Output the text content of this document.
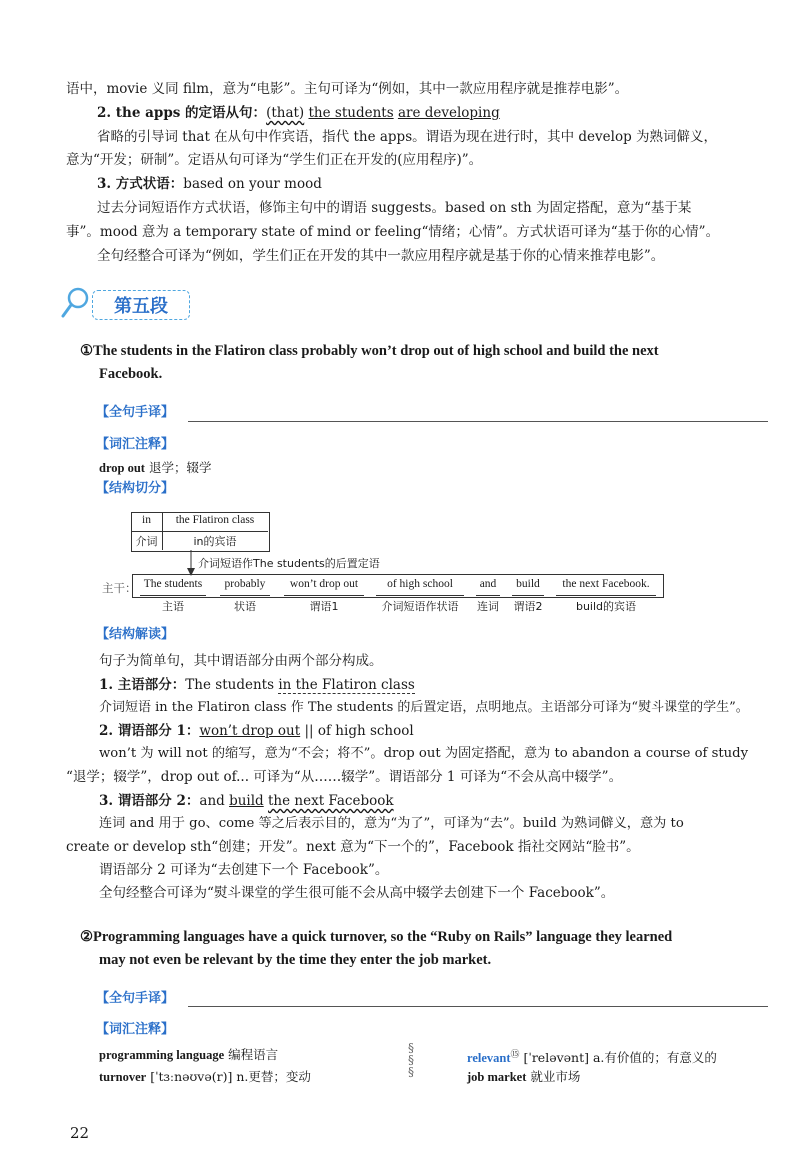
语中，movie 义同 film，意为“电影”。主句可译为“例如，其中一款应用程序就是推荐电影”。
2. the apps 的定语从句：(that) the students are developing
省略的引导词 that 在从句中作宾语，指代 the apps。谓语为现在进行时，其中 develop 为熟词僻义，
意为“开发；研制”。定语从句可译为“学生们正在开发的(应用程序)”。
3. 方式状语：based on your mood
过去分词短语作方式状语，修饰主句中的谓语 suggests。based on sth 为固定搭配，意为“基于某
事”。mood 意为 a temporary state of mind or feeling“情绪；心情”。方式状语可译为“基于你的心情”。
全句经整合可译为“例如，学生们正在开发的其中一款应用程序就是基于你的心情来推荐电影”。
第五段
①The students in the Flatiron class probably won’t drop out of high school and build the next
Facebook.
【全句手译】
【词汇注释】
drop out 退学；辍学
【结构切分】
in	the Flatiron class
介词	in的宾语
介词短语作The students的后置定语
主干： The students	probably	won’t drop out	of high school	and	build	the next Facebook.
主语	状语	谓语1	介词短语作状语	连词	谓语2	build的宾语
【结构解读】
句子为简单句，其中谓语部分由两个部分构成。
1. 主语部分：The students in the Flatiron class
介词短语 in the Flatiron class 作 The students 的后置定语，点明地点。主语部分可译为“熨斗课堂的学生”。
2. 谓语部分 1：won’t drop out || of high school
won’t 为 will not 的缩写，意为“不会；将不”。drop out 为固定搭配，意为 to abandon a course of study
“退学；辍学”，drop out of... 可译为“从……辍学”。谓语部分 1 可译为“不会从高中辍学”。
3. 谓语部分 2：and build the next Facebook
连词 and 用于 go、come 等之后表示目的，意为“为了”，可译为“去”。build 为熟词僻义，意为 to
create or develop sth“创建；开发”。next 意为“下一个的”，Facebook 指社交网站“脸书”。
谓语部分 2 可译为“去创建下一个 Facebook”。
全句经整合可译为“熨斗课堂的学生很可能不会从高中辍学去创建下一个 Facebook”。
②Programming languages have a quick turnover, so the “Ruby on Rails” language they learned
may not even be relevant by the time they enter the job market.
【全句手译】
【词汇注释】
programming language 编程语言
turnover [ˈtɜːnəʊvə(r)] n.更替；变动
§
§
§
relevant⑮ [ˈreləvənt] a.有价值的；有意义的
job market 就业市场
22
